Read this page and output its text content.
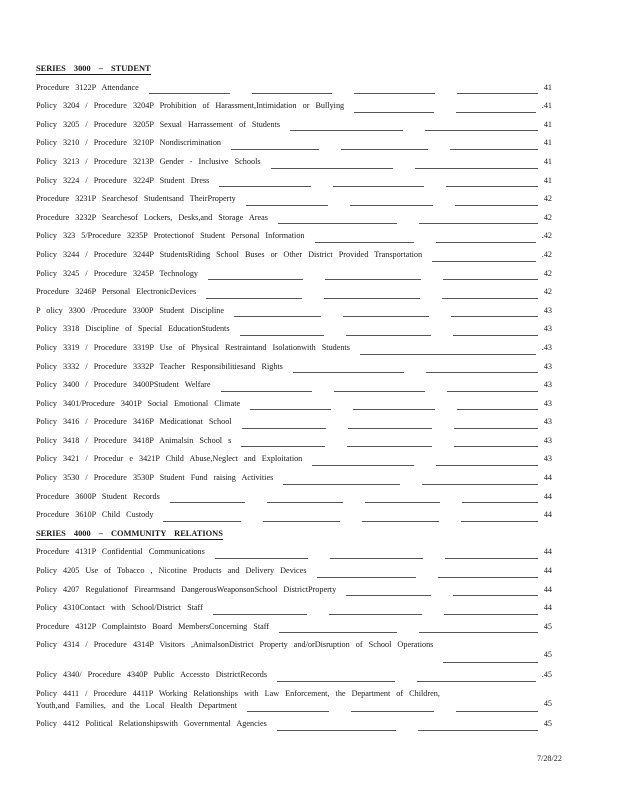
SERIES 3000 – STUDENT
Procedure 3122P Attendance	41
Policy 3204 / Procedure 3204P Prohibition of Harassment,Intimidation or Bullying	.41
Policy 3205 / Procedure 3205P Sexual Harrassement of Students	41
Policy 3210 / Procedure 3210P Nondiscrimination	41
Policy 3213 / Procedure 3213P Gender - Inclusive Schools	41
Policy 3224 / Procedure 3224P Student Dress	41
Procedure 3231P Searchesof Studentsand TheirProperty	42
Procedure 3232P Searchesof Lockers, Desks,and Storage Areas	42
Policy 323 5/Procedure 3235P Protectionof Student Personal Information	.42
Policy 3244 / Procedure 3244P StudentsRiding School Buses or Other District Provided Transportation	.42
Policy 3245 / Procedure 3245P Technology	42
Procedure 3246P Personal ElectronicDevices	42
P olicy 3300 /Procedure 3300P Student Discipline	43
Policy 3318 Discipline of Special EducationStudents	43
Policy 3319 / Procedure 3319P Use of Physical Restraintand Isolationwith Students	.43
Policy 3332 / Procedure 3332P Teacher Responsibilitiesand Rights	43
Policy 3400 / Procedure 3400PStudent Welfare	43
Policy 3401/Procedure 3401P Social Emotional Climate	43
Policy 3416 / Procedure 3416P Medicationat School	43
Policy 3418 / Procedure 3418P Animalsin School s	43
Policy 3421 / Procedur e 3421P Child Abuse,Neglect and Exploitation	43
Policy 3530 / Procedure 3530P Student Fund raising Activities	44
Procedure 3600P Student Records	44
Procedure 3610P Child Custody	44
SERIES 4000 – COMMUNITY RELATIONS
Procedure 4131P Confidential Communications	44
Policy 4205 Use of Tobacco , Nicotine Products and Delivery Devices	44
Policy 4207 Regulationof Firearmsand DangerousWeaponsonSchool DistrictProperty	44
Policy 4310Contact with School/District Staff	44
Procedure 4312P Complaintsto Board MembersConcerning Staff	45
Policy 4314 / Procedure 4314P Visitors ,AnimalsonDistrict Property and/orDisruption of School Operations
45
Policy 4340/ Procedure 4340P Public Accessto DistrictRecords	.45
Policy 4411 / Procedure 4411P Working Relationships with Law Enforcement, the Department of Children,
Youth,and Families, and the Local Health Department	45
Policy 4412 Political Relationshipswith Governmental Agencies	45
7/28/22
